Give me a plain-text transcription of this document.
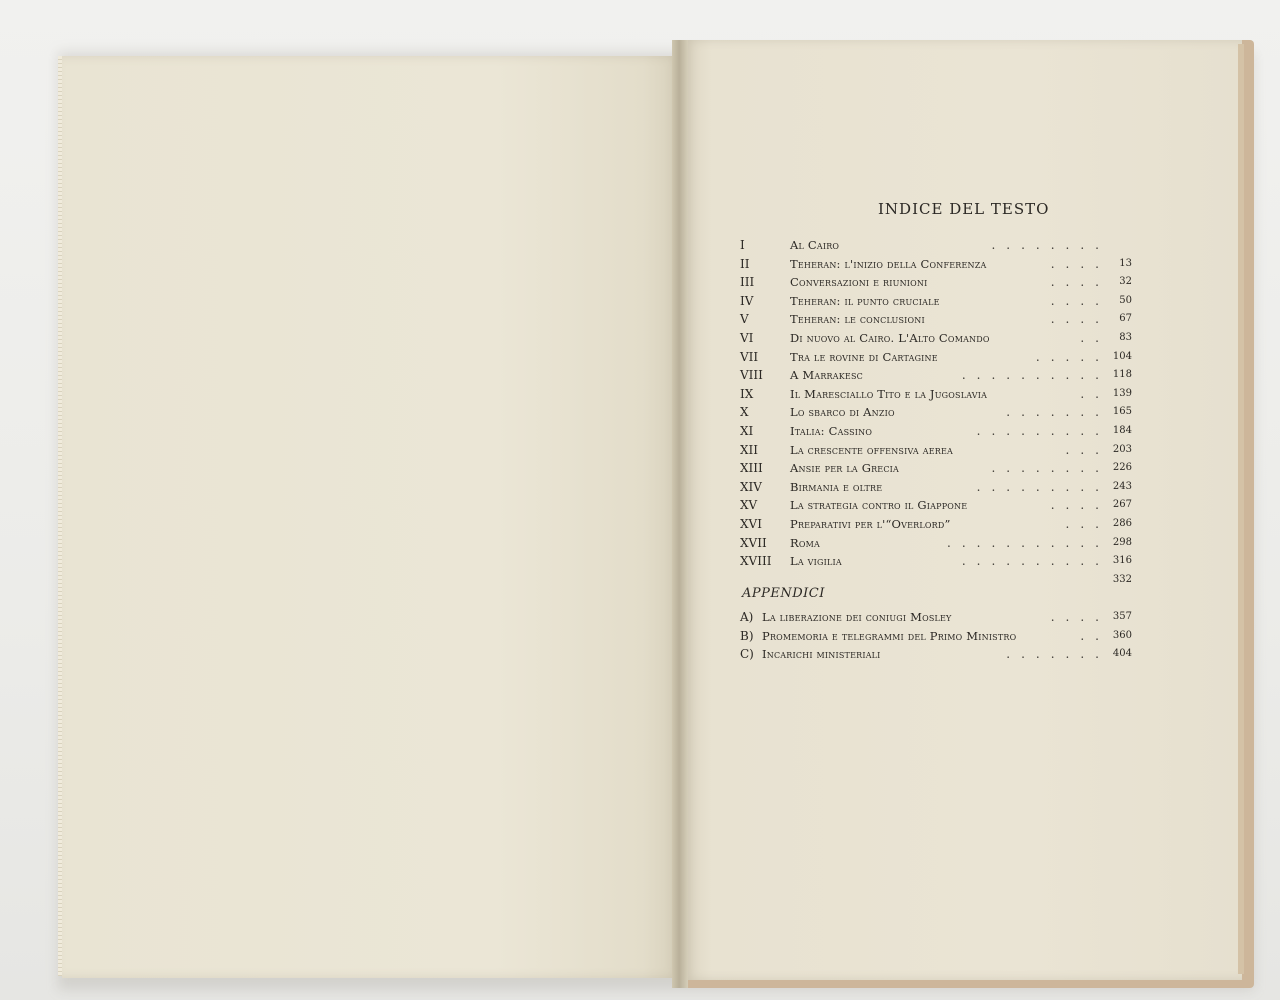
INDICE DEL TESTO
........
I	Al Cairo
....
II	Teheran: l'inizio della Conferenza	13
....
III	Conversazioni e riunioni	32
....
IV	Teheran: il punto cruciale	50
....
V	Teheran: le conclusioni	67
..
VI	Di nuovo al Cairo. L'Alto Comando	83
.....
VII	Tra le rovine di Cartagine	104
..........
VIII A Marrakesc	118
..
IX	Il Maresciallo Tito e la Jugoslavia	139
.......
X	Lo sbarco di Anzio	165
.........
XI	Italia: Cassino	184
...
XII	La crescente offensiva aerea	203
........
XIII Ansie per la Grecia	226
.........
XIV Birmania e oltre	243
....
XV	La strategia contro il Giappone	267
...
XVI Preparativi per l'“Overlord”	286
...........
XVII Roma	298
..........
XVIII La vigilia	316
332
APPENDICI
....
A) La liberazione dei coniugi Mosley	357
..
B) Promemoria e telegrammi del Primo Ministro	360
.......
C) Incarichi ministeriali	404
